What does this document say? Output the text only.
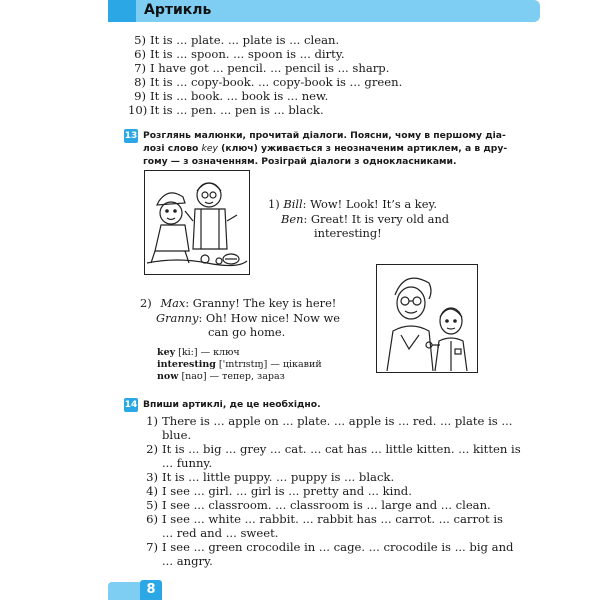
Артикль
5) It is ... plate. ... plate is ... clean.
6) It is ... spoon. ... spoon is ... dirty.
7) I have got ... pencil. ... pencil is ... sharp.
8) It is ... copy-book. ... copy-book is ... green.
9) It is ... book. ... book is ... new.
10) It is ... pen. ... pen is ... black.
13 Розглянь малюнки, прочитай діалоги. Поясни, чому в першому діа-
лозі слово key (ключ) уживається з неозначеним артиклем, а в дру-
гому — з означенням. Розіграй діалоги з однокласниками.
1) Bill: Wow! Look! It’s a key.
Ben: Great! It is very old and
interesting!
2) Max: Granny! The key is here!
Granny: Oh! How nice! Now we
can go home.
key [ki:] — ключ
interesting ['ɪntrɪstɪŋ] — цікавий
now [naʊ] — тепер, зараз
14 Впиши артиклі, де це необхідно.
1) There is ... apple on ... plate. ... apple is ... red. ... plate is ...
blue.
2) It is ... big ... grey ... cat. ... cat has ... little kitten. ... kitten is
... funny.
3) It is ... little puppy. ... puppy is ... black.
4) I see ... girl. ... girl is ... pretty and ... kind.
5) I see ... classroom. ... classroom is ... large and ... clean.
6) I see ... white ... rabbit. ... rabbit has ... carrot. ... carrot is
... red and ... sweet.
7) I see ... green crocodile in ... cage. ... crocodile is ... big and
... angry.
8
